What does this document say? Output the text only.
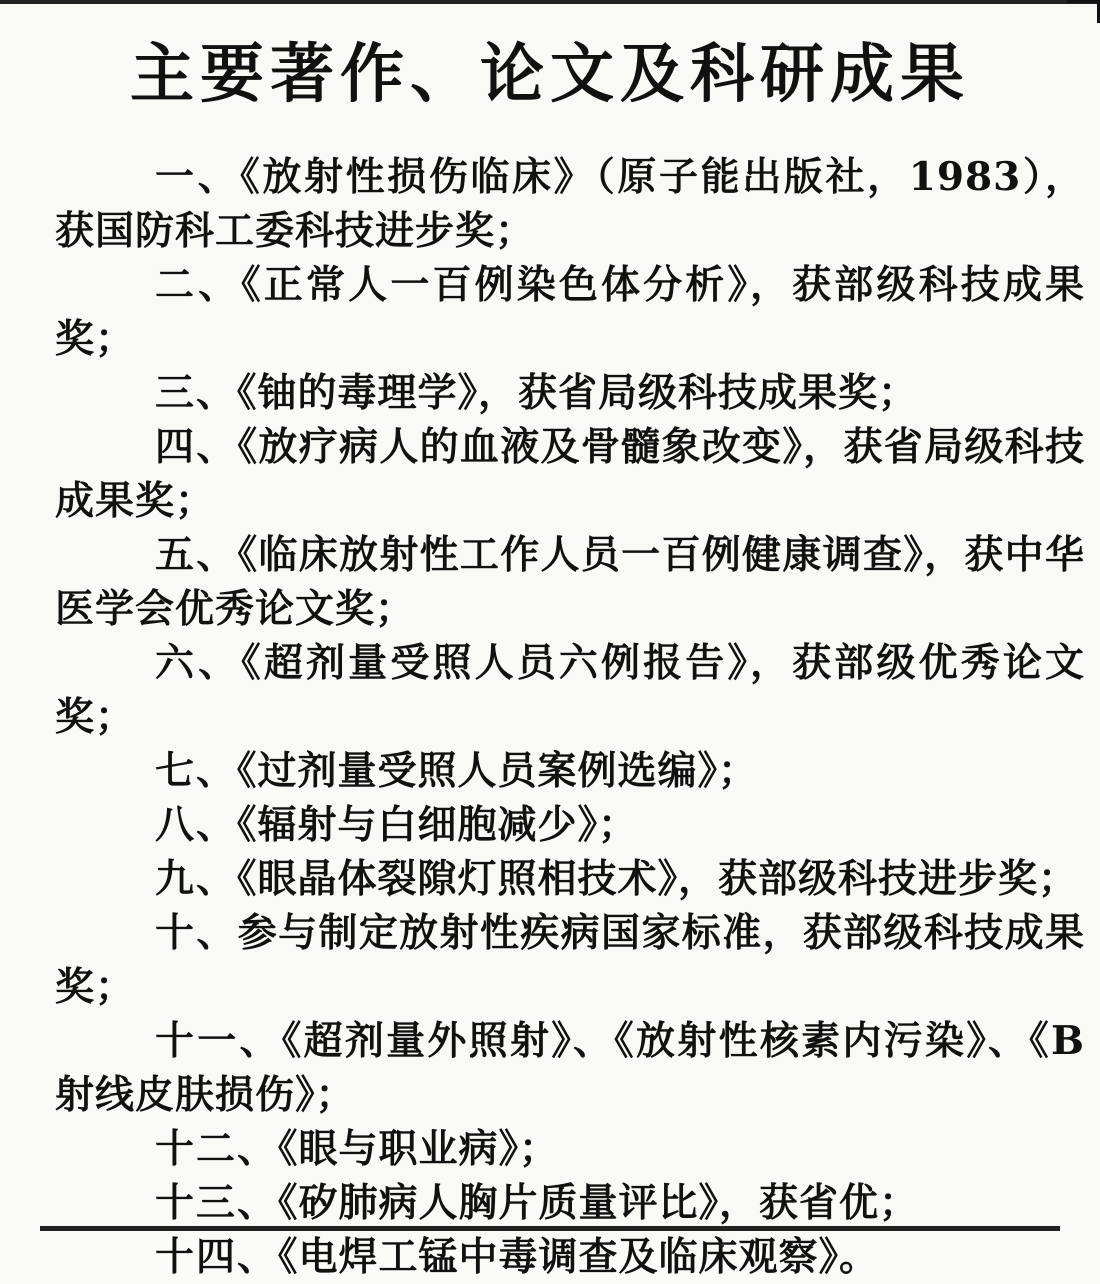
主要著作、论文及科研成果

一、《放射性损伤临床》（原子能出版社，1983），获国防科工委科技进步奖；

二、《正常人一百例染色体分析》，获部级科技成果奖；

三、《铀的毒理学》，获省局级科技成果奖；

四、《放疗病人的血液及骨髓象改变》，获省局级科技成果奖；

五、《临床放射性工作人员一百例健康调查》，获中华医学会优秀论文奖；

六、《超剂量受照人员六例报告》，获部级优秀论文奖；

七、《过剂量受照人员案例选编》；

八、《辐射与白细胞减少》；

九、《眼晶体裂隙灯照相技术》，获部级科技进步奖；

十、参与制定放射性疾病国家标准，获部级科技成果奖；

十一、《超剂量外照射》、《放射性核素内污染》、《Β射线皮肤损伤》；

十二、《眼与职业病》；

十三、《矽肺病人胸片质量评比》，获省优；

十四、《电焊工锰中毒调查及临床观察》。
